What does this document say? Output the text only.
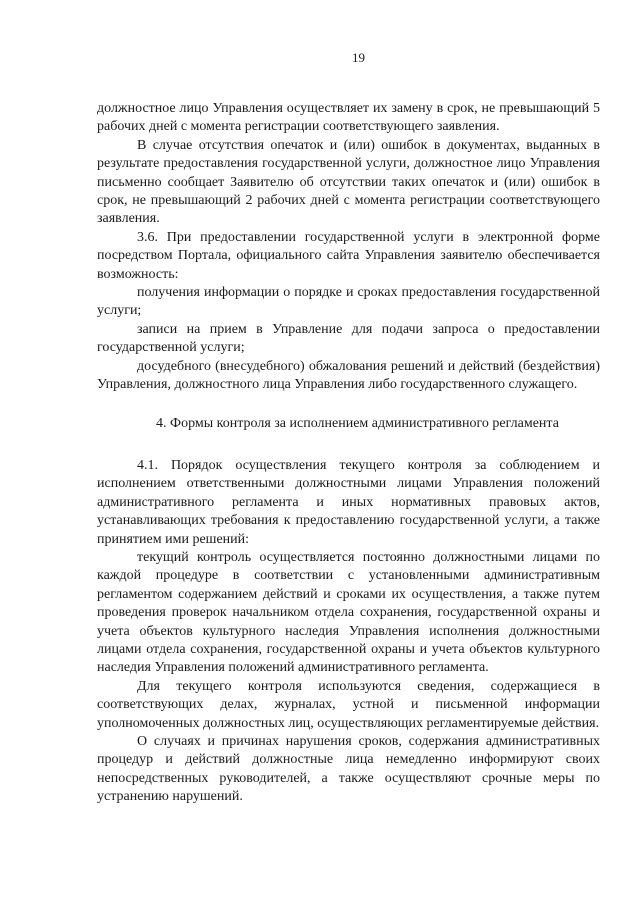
19

должностное лицо Управления осуществляет их замену в срок, не превышающий 5 рабочих дней с момента регистрации соответствующего заявления.

В случае отсутствия опечаток и (или) ошибок в документах, выданных в результате предоставления государственной услуги, должностное лицо Управления письменно сообщает Заявителю об отсутствии таких опечаток и (или) ошибок в срок, не превышающий 2 рабочих дней с момента регистрации соответствующего заявления.

3.6. При предоставлении государственной услуги в электронной форме посредством Портала, официального сайта Управления заявителю обеспечивается возможность:

получения информации о порядке и сроках предоставления государственной услуги;

записи на прием в Управление для подачи запроса о предоставлении государственной услуги;

досудебного (внесудебного) обжалования решений и действий (бездействия) Управления, должностного лица Управления либо государственного служащего.

4. Формы контроля за исполнением административного регламента

4.1. Порядок осуществления текущего контроля за соблюдением и исполнением ответственными должностными лицами Управления положений административного регламента и иных нормативных правовых актов, устанавливающих требования к предоставлению государственной услуги, а также принятием ими решений:

текущий контроль осуществляется постоянно должностными лицами по каждой процедуре в соответствии с установленными административным регламентом содержанием действий и сроками их осуществления, а также путем проведения проверок начальником отдела сохранения, государственной охраны и учета объектов культурного наследия Управления исполнения должностными лицами отдела сохранения, государственной охраны и учета объектов культурного наследия Управления положений административного регламента.

Для текущего контроля используются сведения, содержащиеся в соответствующих делах, журналах, устной и письменной информации уполномоченных должностных лиц, осуществляющих регламентируемые действия.

О случаях и причинах нарушения сроков, содержания административных процедур и действий должностные лица немедленно информируют своих непосредственных руководителей, а также осуществляют срочные меры по устранению нарушений.
